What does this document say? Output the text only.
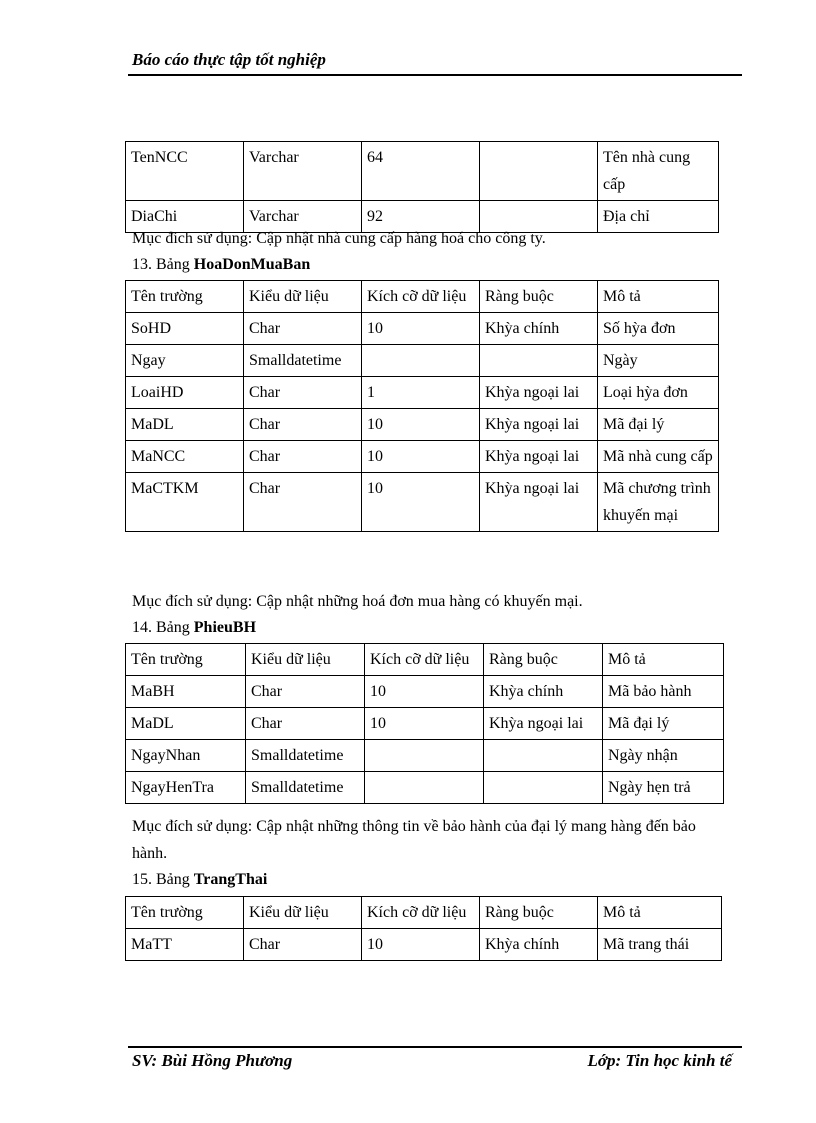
Báo cáo thực tập tốt nghiệp
TenNCC	Varchar	64		Tên nhà cung cấp
DiaChi	Varchar	92		Địa chỉ
Mục đích sử dụng: Cập nhật nhà cung cấp hàng hoá cho công ty.
13. Bảng HoaDonMuaBan
Tên trường	Kiểu dữ liệu	Kích cỡ dữ liệu	Ràng buộc	Mô tả
SoHD	Char	10	Khỳa chính	Số hỳa đơn
Ngay	Smalldatetime			Ngày
LoaiHD	Char	1	Khỳa ngoại lai	Loại hỳa đơn
MaDL	Char	10	Khỳa ngoại lai	Mã đại lý
MaNCC	Char	10	Khỳa ngoại lai	Mã nhà cung cấp
MaCTKM	Char	10	Khỳa ngoại lai	Mã chương trình khuyến mại
Mục đích sử dụng: Cập nhật những hoá đơn mua hàng có khuyến mại.
14. Bảng PhieuBH
Tên trường	Kiểu dữ liệu	Kích cỡ dữ liệu	Ràng buộc	Mô tả
MaBH	Char	10	Khỳa chính	Mã bảo hành
MaDL	Char	10	Khỳa ngoại lai	Mã đại lý
NgayNhan	Smalldatetime			Ngày nhận
NgayHenTra	Smalldatetime			Ngày hẹn trả
Mục đích sử dụng: Cập nhật những thông tin về bảo hành của đại lý mang hàng đến bảo hành.
15. Bảng TrangThai
Tên trường	Kiểu dữ liệu	Kích cỡ dữ liệu	Ràng buộc	Mô tả
MaTT	Char	10	Khỳa chính	Mã trang thái
SV: Bùi Hồng Phương	Lớp: Tin học kinh tế
